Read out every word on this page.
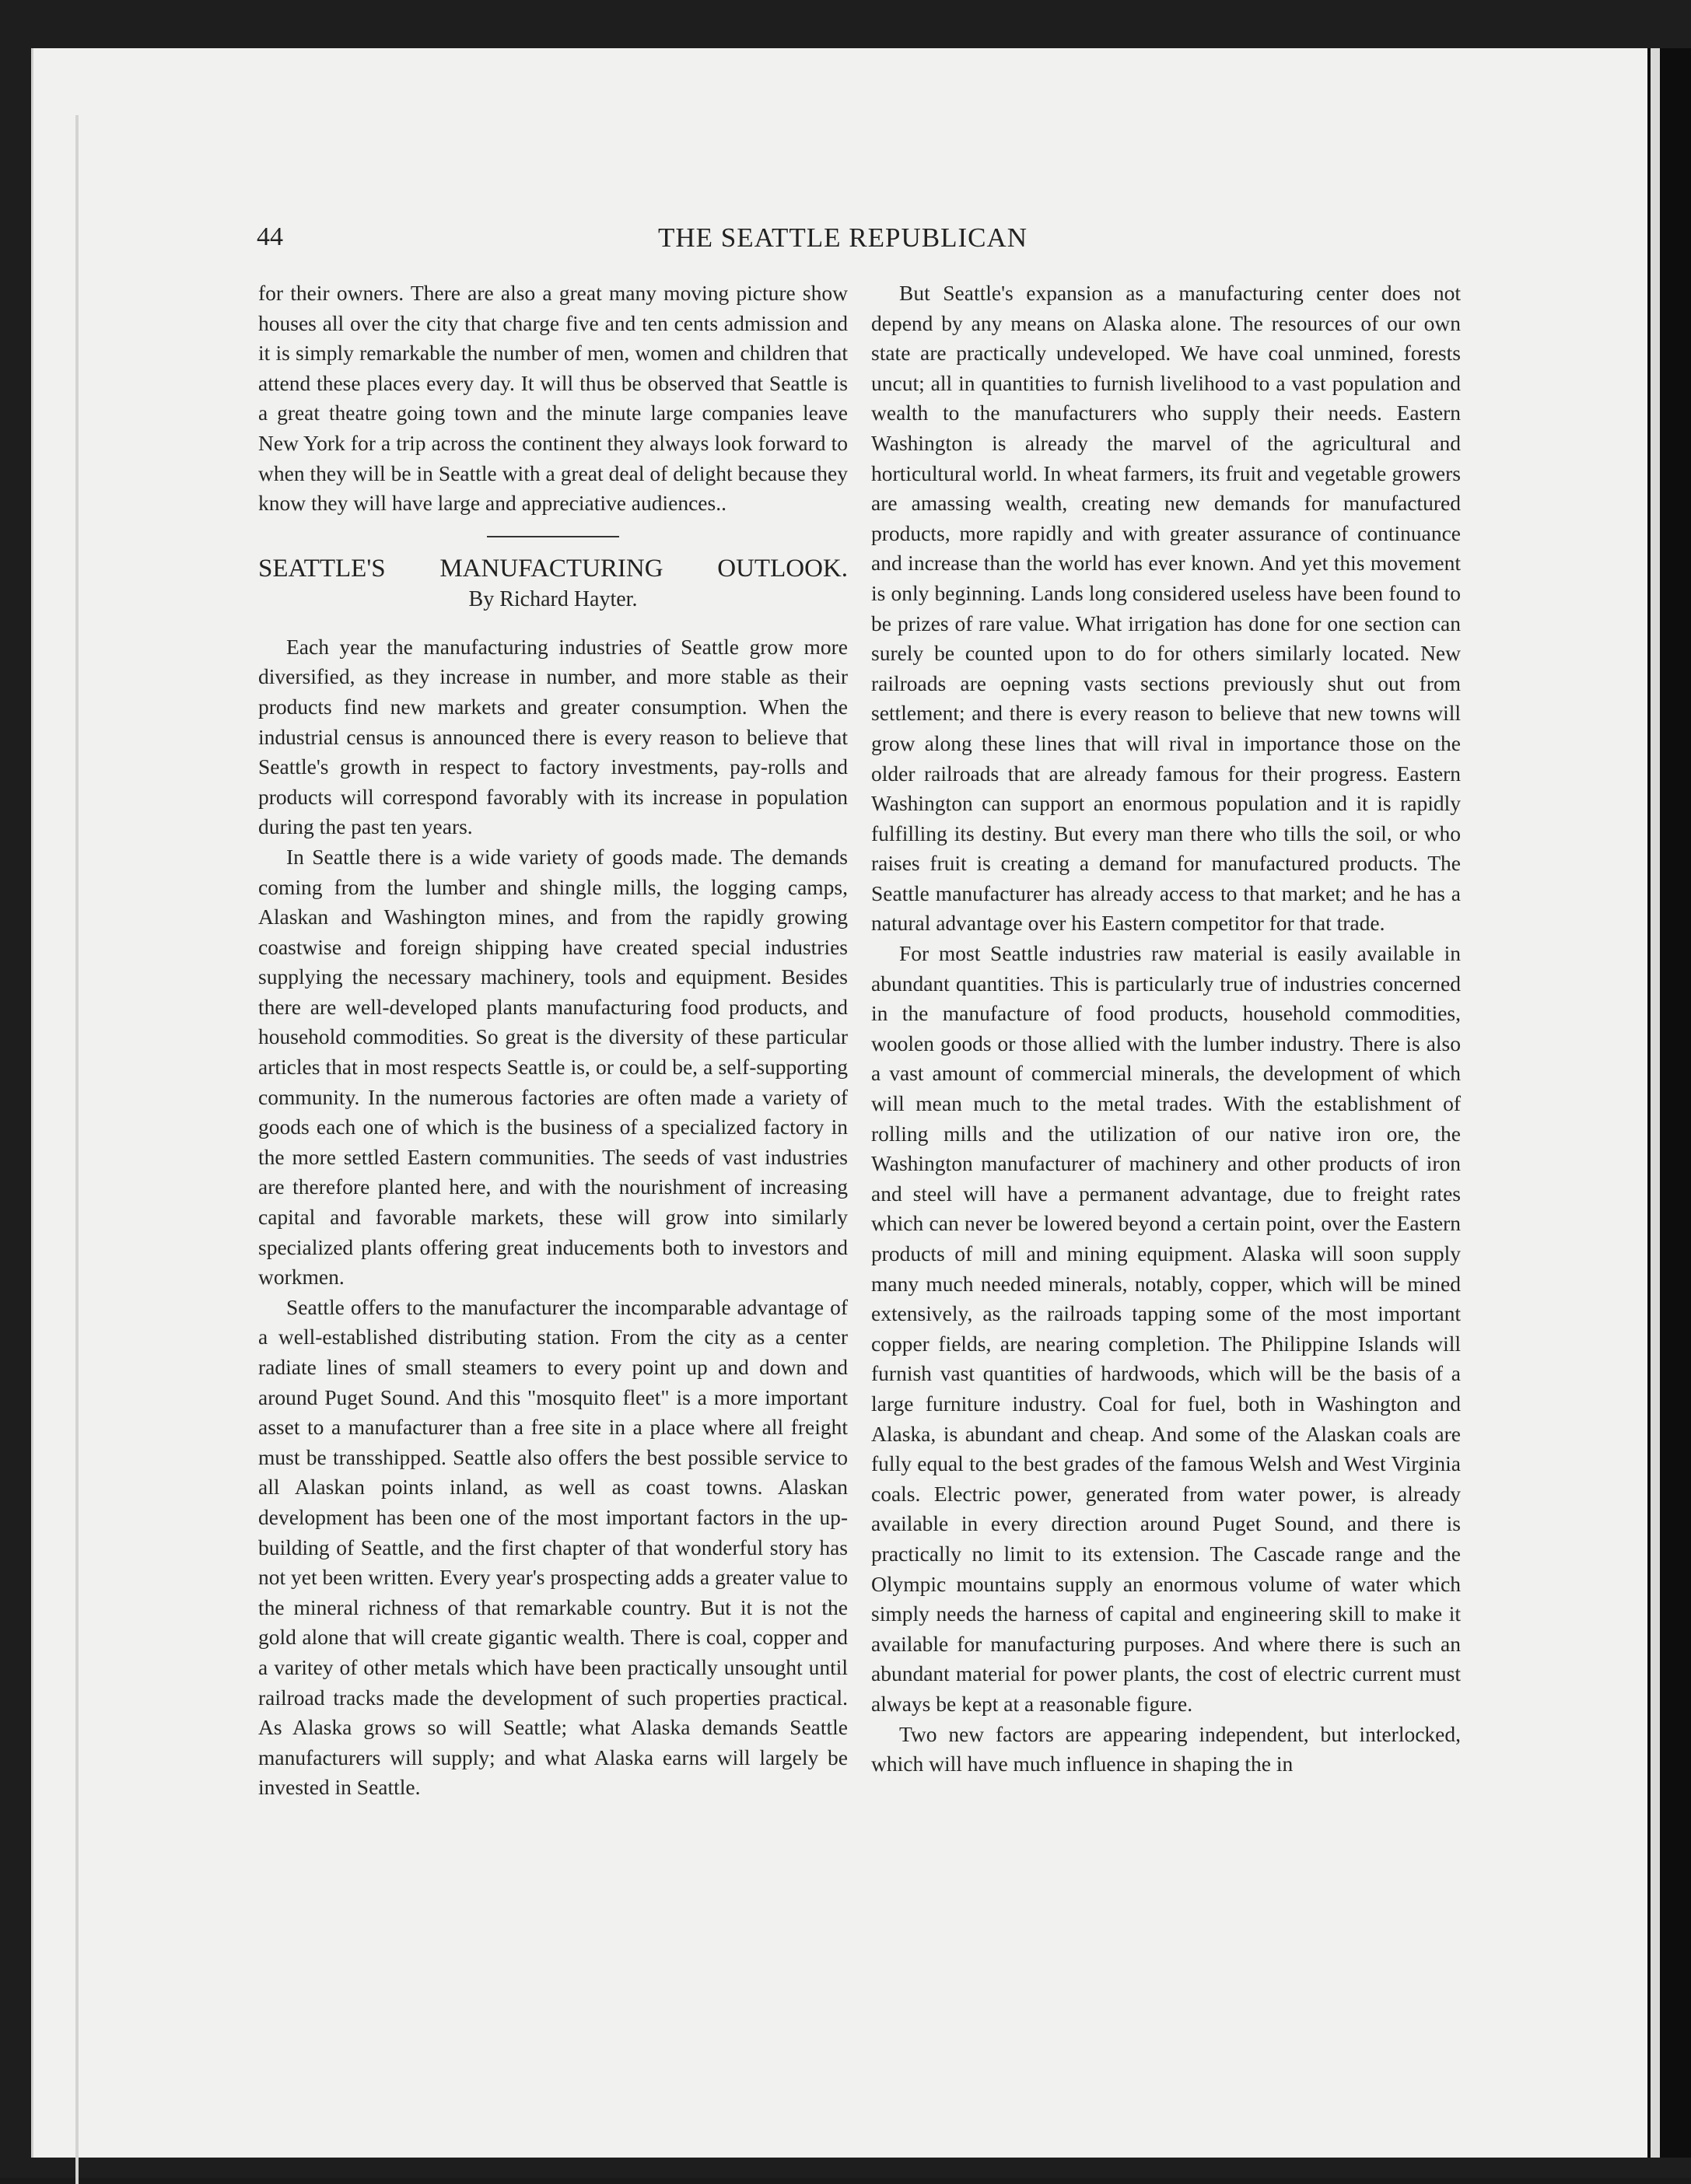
44	THE SEATTLE REPUBLICAN

for their owners. There are also a great many moving picture show houses all over the city that charge five and ten cents admission and it is simply remarkable the number of men, women and children that attend these places every day. It will thus be observed that Seattle is a great theatre going town and the minute large companies leave New York for a trip across the continent they always look forward to when they will be in Seattle with a great deal of delight because they know they will have large and appreciative audiences..

SEATTLE'S MANUFACTURING OUTLOOK.
By Richard Hayter.

Each year the manufacturing industries of Seattle grow more diversified, as they increase in number, and more stable as their products find new markets and greater consumption. When the industrial census is announced there is every reason to believe that Seattle's growth in respect to factory investments, pay-rolls and products will correspond favorably with its increase in population during the past ten years.

In Seattle there is a wide variety of goods made. The demands coming from the lumber and shingle mills, the logging camps, Alaskan and Washington mines, and from the rapidly growing coastwise and foreign shipping have created special industries supplying the necessary machinery, tools and equipment. Besides there are well-developed plants manufacturing food products, and household commodities. So great is the diversity of these particular articles that in most respects Seattle is, or could be, a self-supporting community. In the numerous factories are often made a variety of goods each one of which is the business of a specialized factory in the more settled Eastern communities. The seeds of vast industries are therefore planted here, and with the nourishment of increasing capital and favorable markets, these will grow into similarly specialized plants offering great inducements both to investors and workmen.

Seattle offers to the manufacturer the incomparable advantage of a well-established distributing station. From the city as a center radiate lines of small steamers to every point up and down and around Puget Sound. And this "mosquito fleet" is a more important asset to a manufacturer than a free site in a place where all freight must be transshipped. Seattle also offers the best possible service to all Alaskan points inland, as well as coast towns. Alaskan development has been one of the most important factors in the up-building of Seattle, and the first chapter of that wonderful story has not yet been written. Every year's prospecting adds a greater value to the mineral richness of that remarkable country. But it is not the gold alone that will create gigantic wealth. There is coal, copper and a varitey of other metals which have been practically unsought until railroad tracks made the development of such properties practical. As Alaska grows so will Seattle; what Alaska demands Seattle manufacturers will supply; and what Alaska earns will largely be invested in Seattle.

But Seattle's expansion as a manufacturing center does not depend by any means on Alaska alone. The resources of our own state are practically undeveloped. We have coal unmined, forests uncut; all in quantities to furnish livelihood to a vast population and wealth to the manufacturers who supply their needs. Eastern Washington is already the marvel of the agricultural and horticultural world. In wheat farmers, its fruit and vegetable growers are amassing wealth, creating new demands for manufactured products, more rapidly and with greater assurance of continuance and increase than the world has ever known. And yet this movement is only beginning. Lands long considered useless have been found to be prizes of rare value. What irrigation has done for one section can surely be counted upon to do for others similarly located. New railroads are oepning vasts sections previously shut out from settlement; and there is every reason to believe that new towns will grow along these lines that will rival in importance those on the older railroads that are already famous for their progress. Eastern Washington can support an enormous population and it is rapidly fulfilling its destiny. But every man there who tills the soil, or who raises fruit is creating a demand for manufactured products. The Seattle manufacturer has already access to that market; and he has a natural advantage over his Eastern competitor for that trade.

For most Seattle industries raw material is easily available in abundant quantities. This is particularly true of industries concerned in the manufacture of food products, household commodities, woolen goods or those allied with the lumber industry. There is also a vast amount of commercial minerals, the development of which will mean much to the metal trades. With the establishment of rolling mills and the utilization of our native iron ore, the Washington manufacturer of machinery and other products of iron and steel will have a permanent advantage, due to freight rates which can never be lowered beyond a certain point, over the Eastern products of mill and mining equipment. Alaska will soon supply many much needed minerals, notably, copper, which will be mined extensively, as the railroads tapping some of the most important copper fields, are nearing completion. The Philippine Islands will furnish vast quantities of hardwoods, which will be the basis of a large furniture industry. Coal for fuel, both in Washington and Alaska, is abundant and cheap. And some of the Alaskan coals are fully equal to the best grades of the famous Welsh and West Virginia coals. Electric power, generated from water power, is already available in every direction around Puget Sound, and there is practically no limit to its extension. The Cascade range and the Olympic mountains supply an enormous volume of water which simply needs the harness of capital and engineering skill to make it available for manufacturing purposes. And where there is such an abundant material for power plants, the cost of electric current must always be kept at a reasonable figure.

Two new factors are appearing independent, but interlocked, which will have much influence in shaping the in
